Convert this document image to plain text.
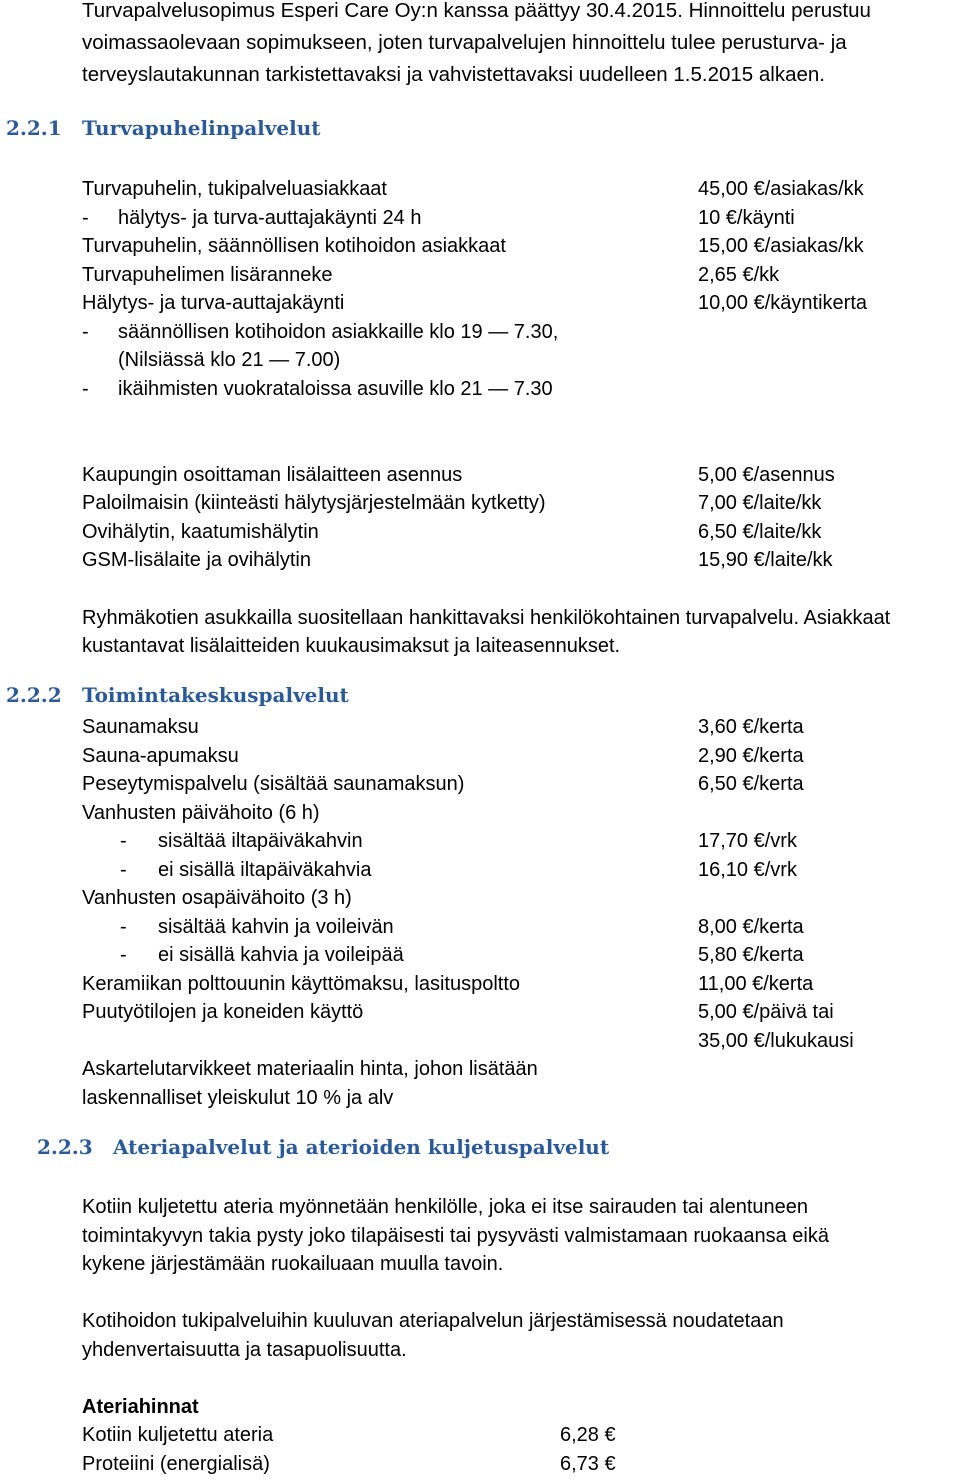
Turvapalvelusopimus Esperi Care Oy:n kanssa päättyy 30.4.2015. Hinnoittelu perustuu
voimassaolevaan sopimukseen, joten turvapalvelujen hinnoittelu tulee perusturva- ja
terveyslautakunnan tarkistettavaksi ja vahvistettavaksi uudelleen 1.5.2015 alkaen.
2.2.1 Turvapuhelinpalvelut
Turvapuhelin, tukipalveluasiakkaat	45,00 €/asiakas/kk
- hälytys- ja turva-auttajakäynti 24 h	10 €/käynti
Turvapuhelin, säännöllisen kotihoidon asiakkaat	15,00 €/asiakas/kk
Turvapuhelimen lisäranneke	2,65 €/kk
Hälytys- ja turva-auttajakäynti	10,00 €/käyntikerta
- säännöllisen kotihoidon asiakkaille klo 19 — 7.30,
(Nilsiässä klo 21 — 7.00)
- ikäihmisten vuokrataloissa asuville klo 21 — 7.30
Kaupungin osoittaman lisälaitteen asennus	5,00 €/asennus
Paloilmaisin (kiinteästi hälytysjärjestelmään kytketty)	7,00 €/laite/kk
Ovihälytin, kaatumishälytin	6,50 €/laite/kk
GSM-lisälaite ja ovihälytin	15,90 €/laite/kk
Ryhmäkotien asukkailla suositellaan hankittavaksi henkilökohtainen turvapalvelu. Asiakkaat
kustantavat lisälaitteiden kuukausimaksut ja laiteasennukset.
2.2.2 Toimintakeskuspalvelut
Saunamaksu	3,60 €/kerta
Sauna-apumaksu	2,90 €/kerta
Peseytymispalvelu (sisältää saunamaksun)	6,50 €/kerta
Vanhusten päivähoito (6 h)
- sisältää iltapäiväkahvin	17,70 €/vrk
- ei sisällä iltapäiväkahvia	16,10 €/vrk
Vanhusten osapäivähoito (3 h)
- sisältää kahvin ja voileivän	8,00 €/kerta
- ei sisällä kahvia ja voileipää	5,80 €/kerta
Keramiikan polttouunin käyttömaksu, lasituspoltto	11,00 €/kerta
Puutyötilojen ja koneiden käyttö	5,00 €/päivä tai
35,00 €/lukukausi
Askartelutarvikkeet materiaalin hinta, johon lisätään
laskennalliset yleiskulut 10 % ja alv
2.2.3 Ateriapalvelut ja aterioiden kuljetuspalvelut
Kotiin kuljetettu ateria myönnetään henkilölle, joka ei itse sairauden tai alentuneen
toimintakyvyn takia pysty joko tilapäisesti tai pysyvästi valmistamaan ruokaansa eikä
kykene järjestämään ruokailuaan muulla tavoin.
Kotihoidon tukipalveluihin kuuluvan ateriapalvelun järjestämisessä noudatetaan
yhdenvertaisuutta ja tasapuolisuutta.
Ateriahinnat
Kotiin kuljetettu ateria	6,28 €
Proteiini (energialisä)	6,73 €
